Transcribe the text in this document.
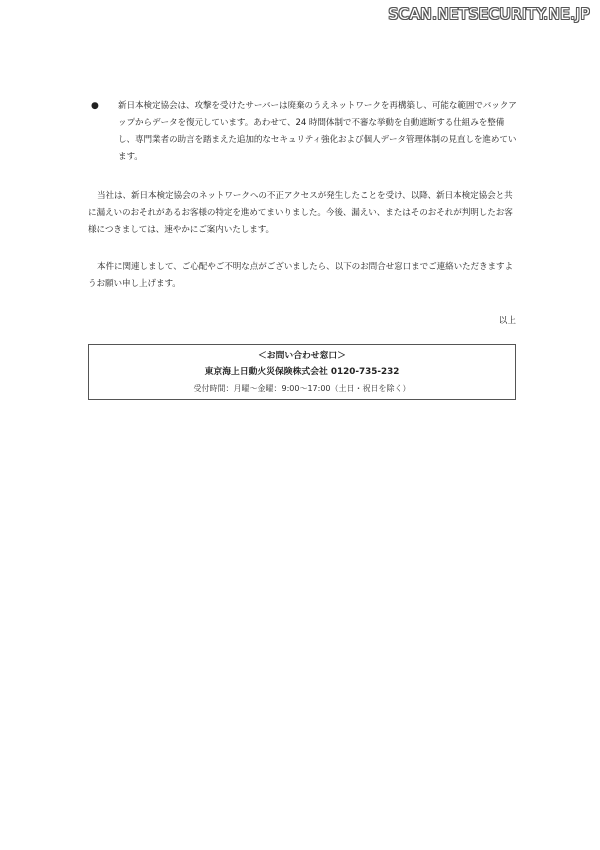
SCAN.NETSECURITY.NE.JP
●	新日本検定協会は、攻撃を受けたサーバーは廃棄のうえネットワークを再構築し、可能な範囲でバックアップからデータを復元しています。あわせて、24 時間体制で不審な挙動を自動遮断する仕組みを整備し、専門業者の助言を踏まえた追加的なセキュリティ強化および個人データ管理体制の見直しを進めています。

当社は、新日本検定協会のネットワークへの不正アクセスが発生したことを受け、以降、新日本検定協会と共に漏えいのおそれがあるお客様の特定を進めてまいりました。今後、漏えい、またはそのおそれが判明したお客様につきましては、速やかにご案内いたします。

本件に関連しまして、ご心配やご不明な点がございましたら、以下のお問合せ窓口までご連絡いただきますようお願い申し上げます。

以上
＜お問い合わせ窓口＞
東京海上日動火災保険株式会社 0120-735-232
受付時間：月曜～金曜：9:00～17:00（土日・祝日を除く）
